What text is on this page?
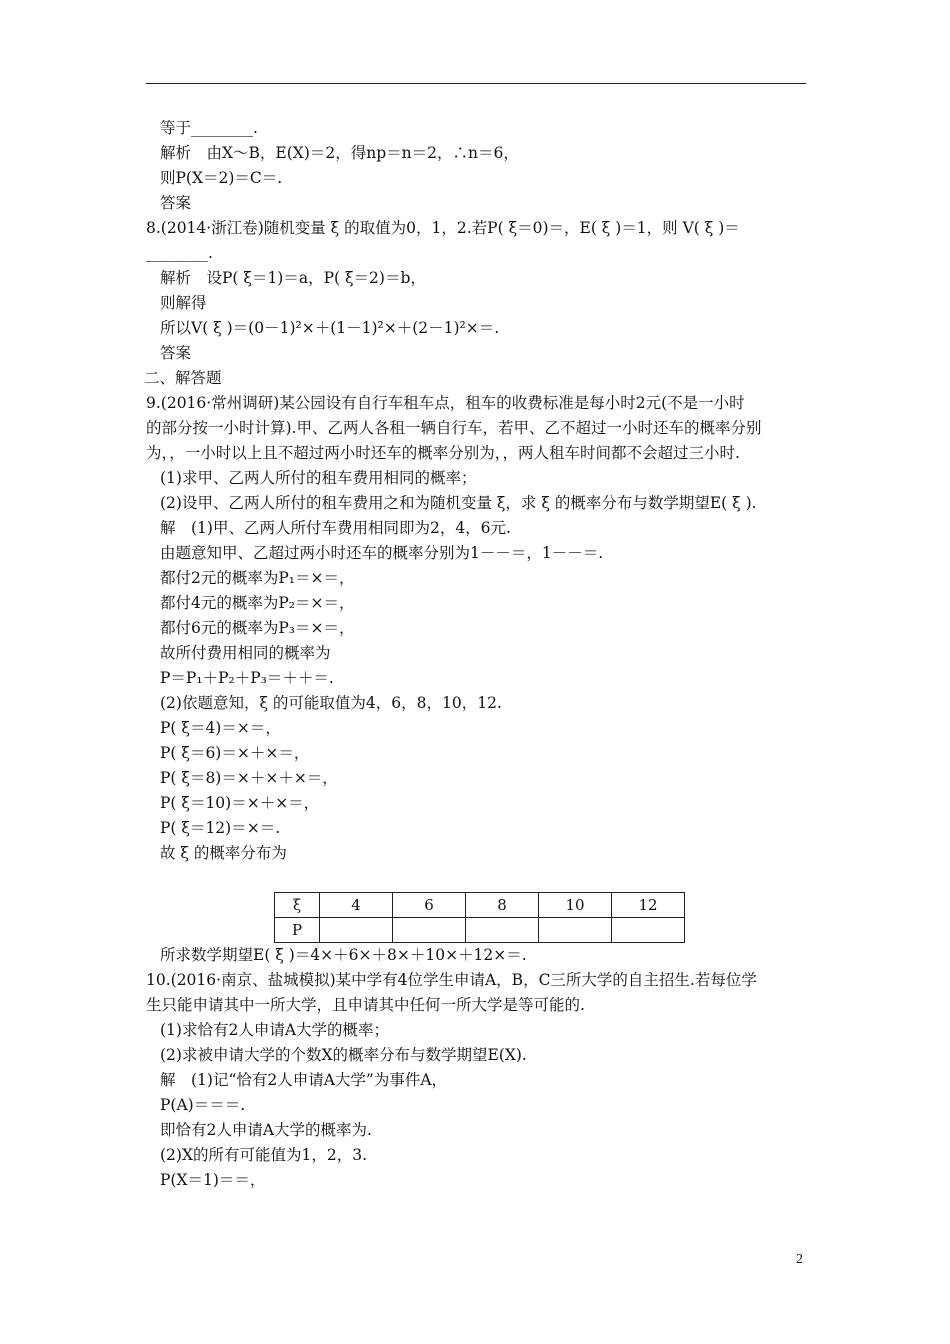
等于________.
解析　由X～B，E(X)＝2，得np＝n＝2，∴n＝6，
则P(X＝2)＝C＝.
答案
8.(2014·浙江卷)随机变量 ξ 的取值为0，1，2.若P( ξ＝0)＝，E( ξ )＝1，则 V( ξ )＝
________.
解析　设P( ξ＝1)＝a，P( ξ＝2)＝b，
则解得
所以V( ξ )＝(0－1)²×＋(1－1)²×＋(2－1)²×＝.
答案
二、解答题
9.(2016·常州调研)某公园设有自行车租车点，租车的收费标准是每小时2元(不是一小时
的部分按一小时计算).甲、乙两人各租一辆自行车，若甲、乙不超过一小时还车的概率分别
为，，一小时以上且不超过两小时还车的概率分别为，，两人租车时间都不会超过三小时.
(1)求甲、乙两人所付的租车费用相同的概率；
(2)设甲、乙两人所付的租车费用之和为随机变量 ξ，求 ξ 的概率分布与数学期望E( ξ ).
解　(1)甲、乙两人所付车费用相同即为2，4，6元.
由题意知甲、乙超过两小时还车的概率分别为1－－＝，1－－＝.
都付2元的概率为P₁＝×＝，
都付4元的概率为P₂＝×＝，
都付6元的概率为P₃＝×＝，
故所付费用相同的概率为
P＝P₁＋P₂＋P₃＝＋＋＝.
(2)依题意知，ξ 的可能取值为4，6，8，10，12.
P( ξ＝4)＝×＝，
P( ξ＝6)＝×＋×＝，
P( ξ＝8)＝×＋×＋×＝，
P( ξ＝10)＝×＋×＝，
P( ξ＝12)＝×＝.
故 ξ 的概率分布为
ξ	4	6	8	10	12
P					
所求数学期望E( ξ )＝4×＋6×＋8×＋10×＋12×＝.
10.(2016·南京、盐城模拟)某中学有4位学生申请A，B，C三所大学的自主招生.若每位学
生只能申请其中一所大学，且申请其中任何一所大学是等可能的.
(1)求恰有2人申请A大学的概率；
(2)求被申请大学的个数X的概率分布与数学期望E(X).
解　(1)记“恰有2人申请A大学”为事件A，
P(A)＝＝＝.
即恰有2人申请A大学的概率为.
(2)X的所有可能值为1，2，3.
P(X＝1)＝＝，
2
